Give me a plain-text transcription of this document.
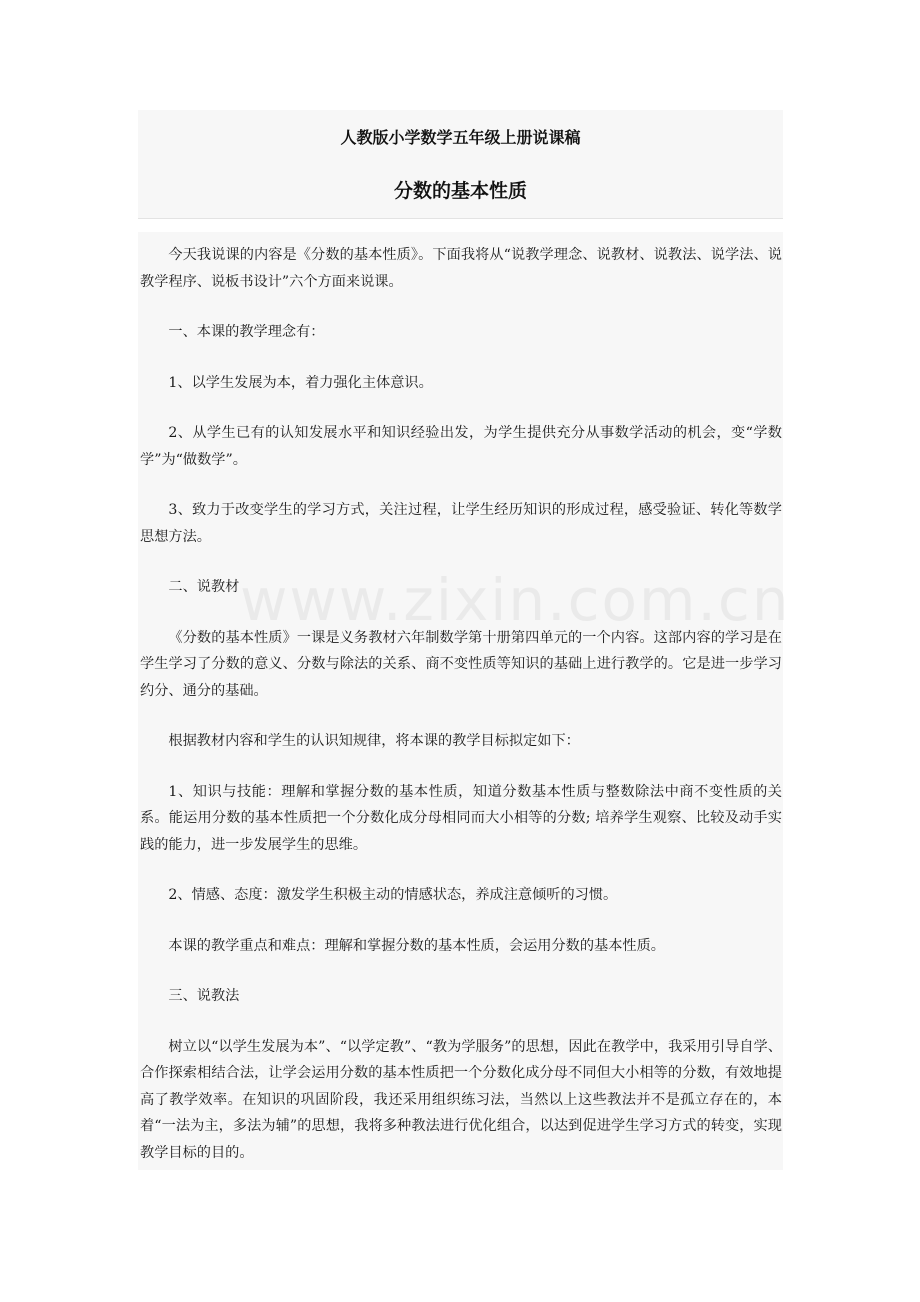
人教版小学数学五年级上册说课稿
分数的基本性质

今天我说课的内容是《分数的基本性质》。下面我将从“说教学理念、说教材、说教法、说学法、说教学程序、说板书设计”六个方面来说课。

一、本课的教学理念有：

1、以学生发展为本，着力强化主体意识。

2、从学生已有的认知发展水平和知识经验出发，为学生提供充分从事数学活动的机会，变“学数学”为“做数学”。

3、致力于改变学生的学习方式，关注过程，让学生经历知识的形成过程，感受验证、转化等数学思想方法。

二、说教材

《分数的基本性质》一课是义务教材六年制数学第十册第四单元的一个内容。这部内容的学习是在学生学习了分数的意义、分数与除法的关系、商不变性质等知识的基础上进行教学的。它是进一步学习约分、通分的基础。

根据教材内容和学生的认识知规律，将本课的教学目标拟定如下：

1、知识与技能：理解和掌握分数的基本性质，知道分数基本性质与整数除法中商不变性质的关系。能运用分数的基本性质把一个分数化成分母相同而大小相等的分数; 培养学生观察、比较及动手实践的能力，进一步发展学生的思维。

2、情感、态度：激发学生积极主动的情感状态，养成注意倾听的习惯。

本课的教学重点和难点：理解和掌握分数的基本性质，会运用分数的基本性质。

三、说教法

树立以“以学生发展为本”、“以学定教”、“教为学服务”的思想，因此在教学中，我采用引导自学、合作探索相结合法，让学会运用分数的基本性质把一个分数化成分母不同但大小相等的分数，有效地提高了教学效率。在知识的巩固阶段，我还采用组织练习法，当然以上这些教法并不是孤立存在的，本着“一法为主，多法为辅”的思想，我将多种教法进行优化组合，以达到促进学生学习方式的转变，实现教学目标的目的。
